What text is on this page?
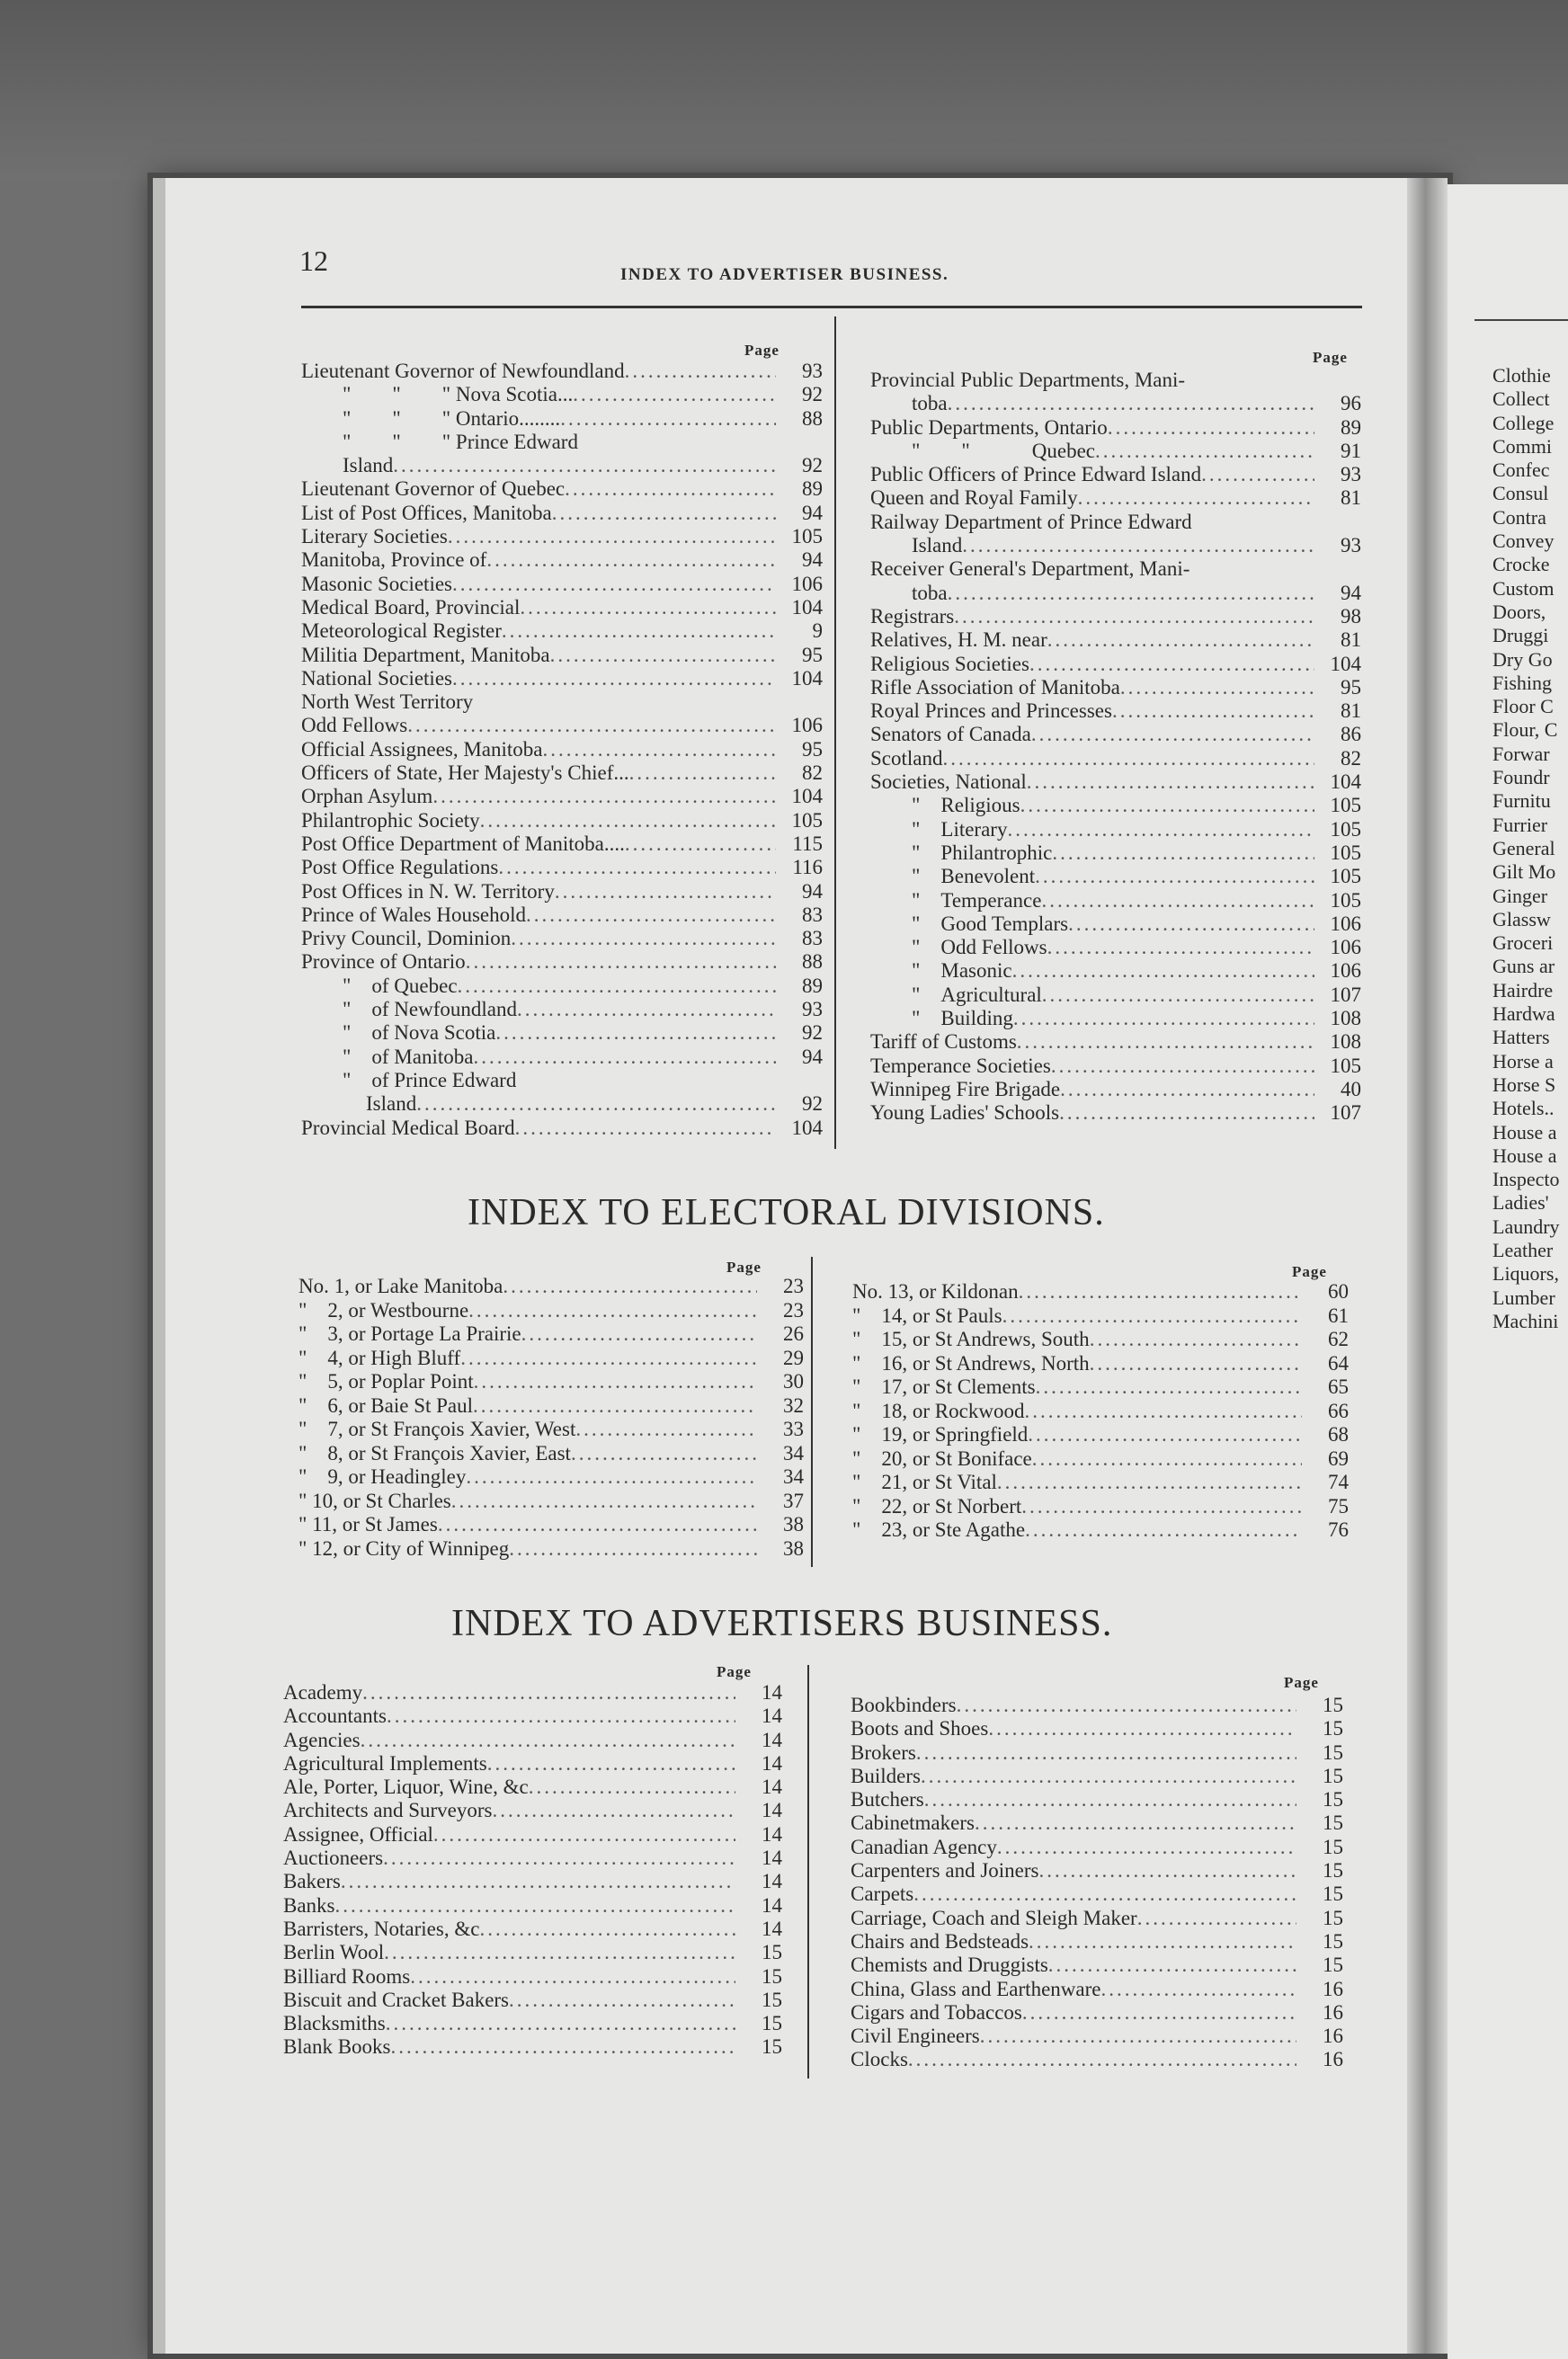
Clothie
Collect
College
Commi
Confec
Consul
Contra
Convey
Crocke
Custom
Doors,
Druggi
Dry Go
Fishing
Floor C
Flour, C
Forwar
Foundr
Furnitu
Furrier
General
Gilt Mo
Ginger
Glassw
Groceri
Guns ar
Hairdre
Hardwa
Hatters
Horse a
Horse S
Hotels..
House a
House a
Inspecto
Ladies'
Laundry
Leather
Liquors,
Lumber
Machini
12	INDEX TO ADVERTISER BUSINESS.
Page	Page
Lieutenant Governor of Newfoundland .....	93
"  "  " Nova Scotia... .....	92
"  "  " Ontario........ .....	88
"  "  " Prince Edward
Island .....	92
Lieutenant Governor of Quebec .....	89
List of Post Offices, Manitoba .....	94
Literary Societies .....	105
Manitoba, Province of .....	94
Masonic Societies .....	106
Medical Board, Provincial .....	104
Meteorological Register .....	9
Militia Department, Manitoba .....	95
National Societies .....	104
North West Territory
Odd Fellows .....	106
Official Assignees, Manitoba .....	95
Officers of State, Her Majesty's Chief... .....	82
Orphan Asylum .....	104
Philantrophic Society .....	105
Post Office Department of Manitoba.... .....	115
Post Office Regulations .....	116
Post Offices in N. W. Territory .....	94
Prince of Wales Household .....	83
Privy Council, Dominion .....	83
Province of Ontario .....	88
" of Quebec .....	89
" of Newfoundland .....	93
" of Nova Scotia .....	92
" of Manitoba .....	94
" of Prince Edward
Island .....	92
Provincial Medical Board .....	104
Provincial Public Departments, Mani-
toba .....	96
Public Departments, Ontario .....	89
"  "   Quebec .....	91
Public Officers of Prince Edward Island .....	93
Queen and Royal Family .....	81
Railway Department of Prince Edward
Island .....	93
Receiver General's Department, Mani-
toba .....	94
Registrars .....	98
Relatives, H. M. near .....	81
Religious Societies .....	104
Rifle Association of Manitoba .....	95
Royal Princes and Princesses .....	81
Senators of Canada .....	86
Scotland .....	82
Societies, National .....	104
" Religious .....	105
" Literary .....	105
" Philantrophic .....	105
" Benevolent .....	105
" Temperance .....	105
" Good Templars .....	106
" Odd Fellows .....	106
" Masonic .....	106
" Agricultural .....	107
" Building .....	108
Tariff of Customs .....	108
Temperance Societies .....	105
Winnipeg Fire Brigade .....	40
Young Ladies' Schools .....	107
INDEX TO ELECTORAL DIVISIONS.
Page	Page
No. 1, or Lake Manitoba .....	23
" 2, or Westbourne .....	23
" 3, or Portage La Prairie .....	26
" 4, or High Bluff .....	29
" 5, or Poplar Point .....	30
" 6, or Baie St Paul .....	32
" 7, or St François Xavier, West .....	33
" 8, or St François Xavier, East .....	34
" 9, or Headingley .....	34
" 10, or St Charles .....	37
" 11, or St James .....	38
" 12, or City of Winnipeg .....	38
No. 13, or Kildonan .....	60
" 14, or St Pauls .....	61
" 15, or St Andrews, South .....	62
" 16, or St Andrews, North .....	64
" 17, or St Clements .....	65
" 18, or Rockwood .....	66
" 19, or Springfield .....	68
" 20, or St Boniface .....	69
" 21, or St Vital .....	74
" 22, or St Norbert .....	75
" 23, or Ste Agathe .....	76
INDEX TO ADVERTISERS BUSINESS.
Page
Page
Academy .....	14
Accountants .....	14
Agencies .....	14
Agricultural Implements .....	14
Ale, Porter, Liquor, Wine, &c .....	14
Architects and Surveyors .....	14
Assignee, Official .....	14
Auctioneers .....	14
Bakers .....	14
Banks .....	14
Barristers, Notaries, &c .....	14
Berlin Wool .....	15
Billiard Rooms .....	15
Biscuit and Cracket Bakers .....	15
Blacksmiths .....	15
Blank Books .....	15
Bookbinders .....	15
Boots and Shoes .....	15
Brokers .....	15
Builders .....	15
Butchers .....	15
Cabinetmakers .....	15
Canadian Agency .....	15
Carpenters and Joiners .....	15
Carpets .....	15
Carriage, Coach and Sleigh Maker .....	15
Chairs and Bedsteads .....	15
Chemists and Druggists .....	15
China, Glass and Earthenware .....	16
Cigars and Tobaccos .....	16
Civil Engineers .....	16
Clocks .....	16
